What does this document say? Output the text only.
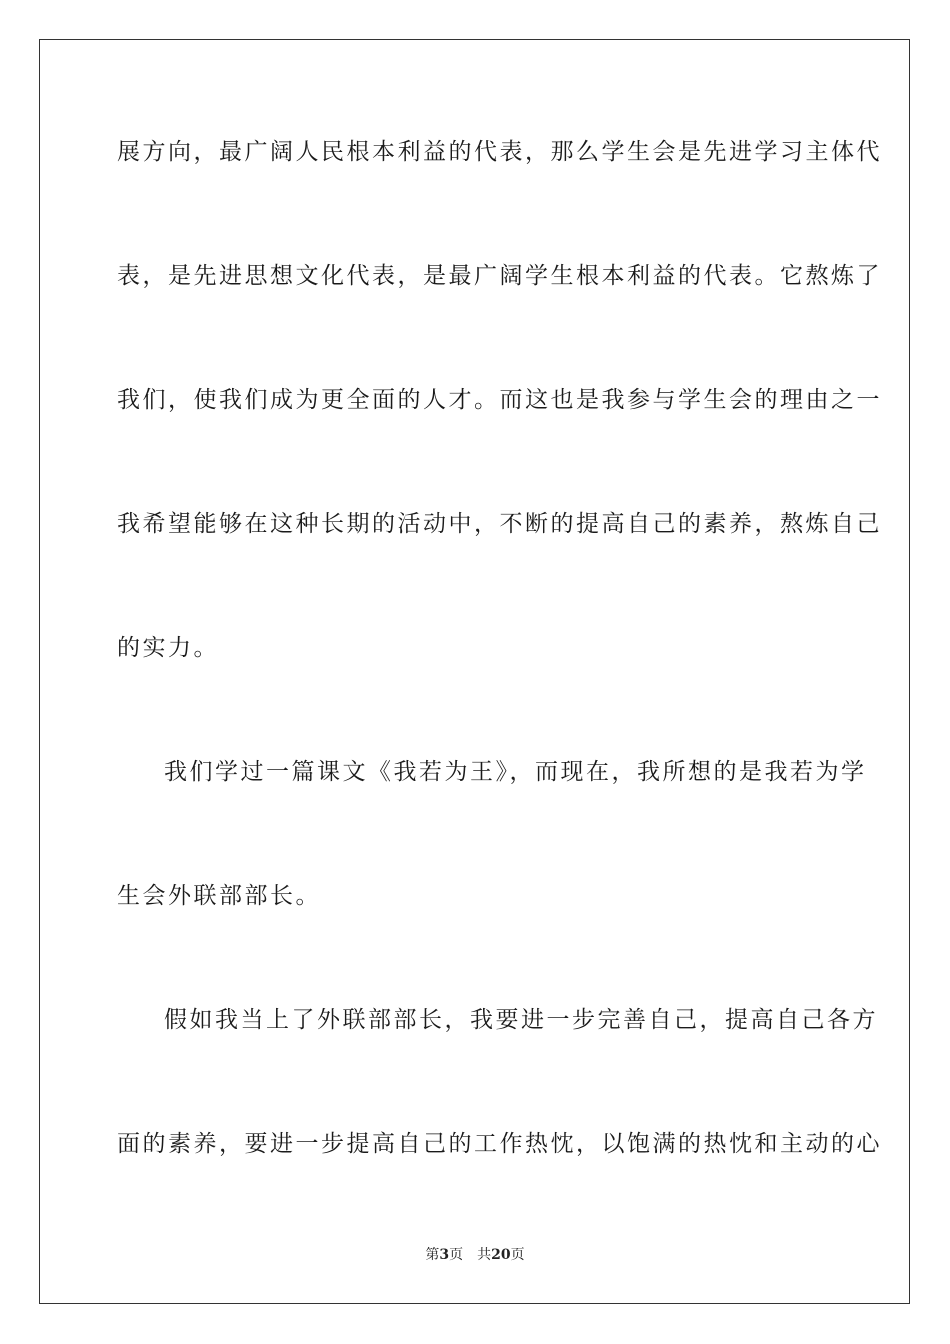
展方向，最广阔人民根本利益的代表，那么学生会是先进学习主体代
表，是先进思想文化代表，是最广阔学生根本利益的代表。它熬炼了
我们，使我们成为更全面的人才。而这也是我参与学生会的理由之一
我希望能够在这种长期的活动中，不断的提高自己的素养，熬炼自己
的实力。
我们学过一篇课文《我若为王》，而现在，我所想的是我若为学
生会外联部部长。
假如我当上了外联部部长，我要进一步完善自己，提高自己各方
面的素养，要进一步提高自己的工作热忱，以饱满的热忱和主动的心
第3页 共20页
